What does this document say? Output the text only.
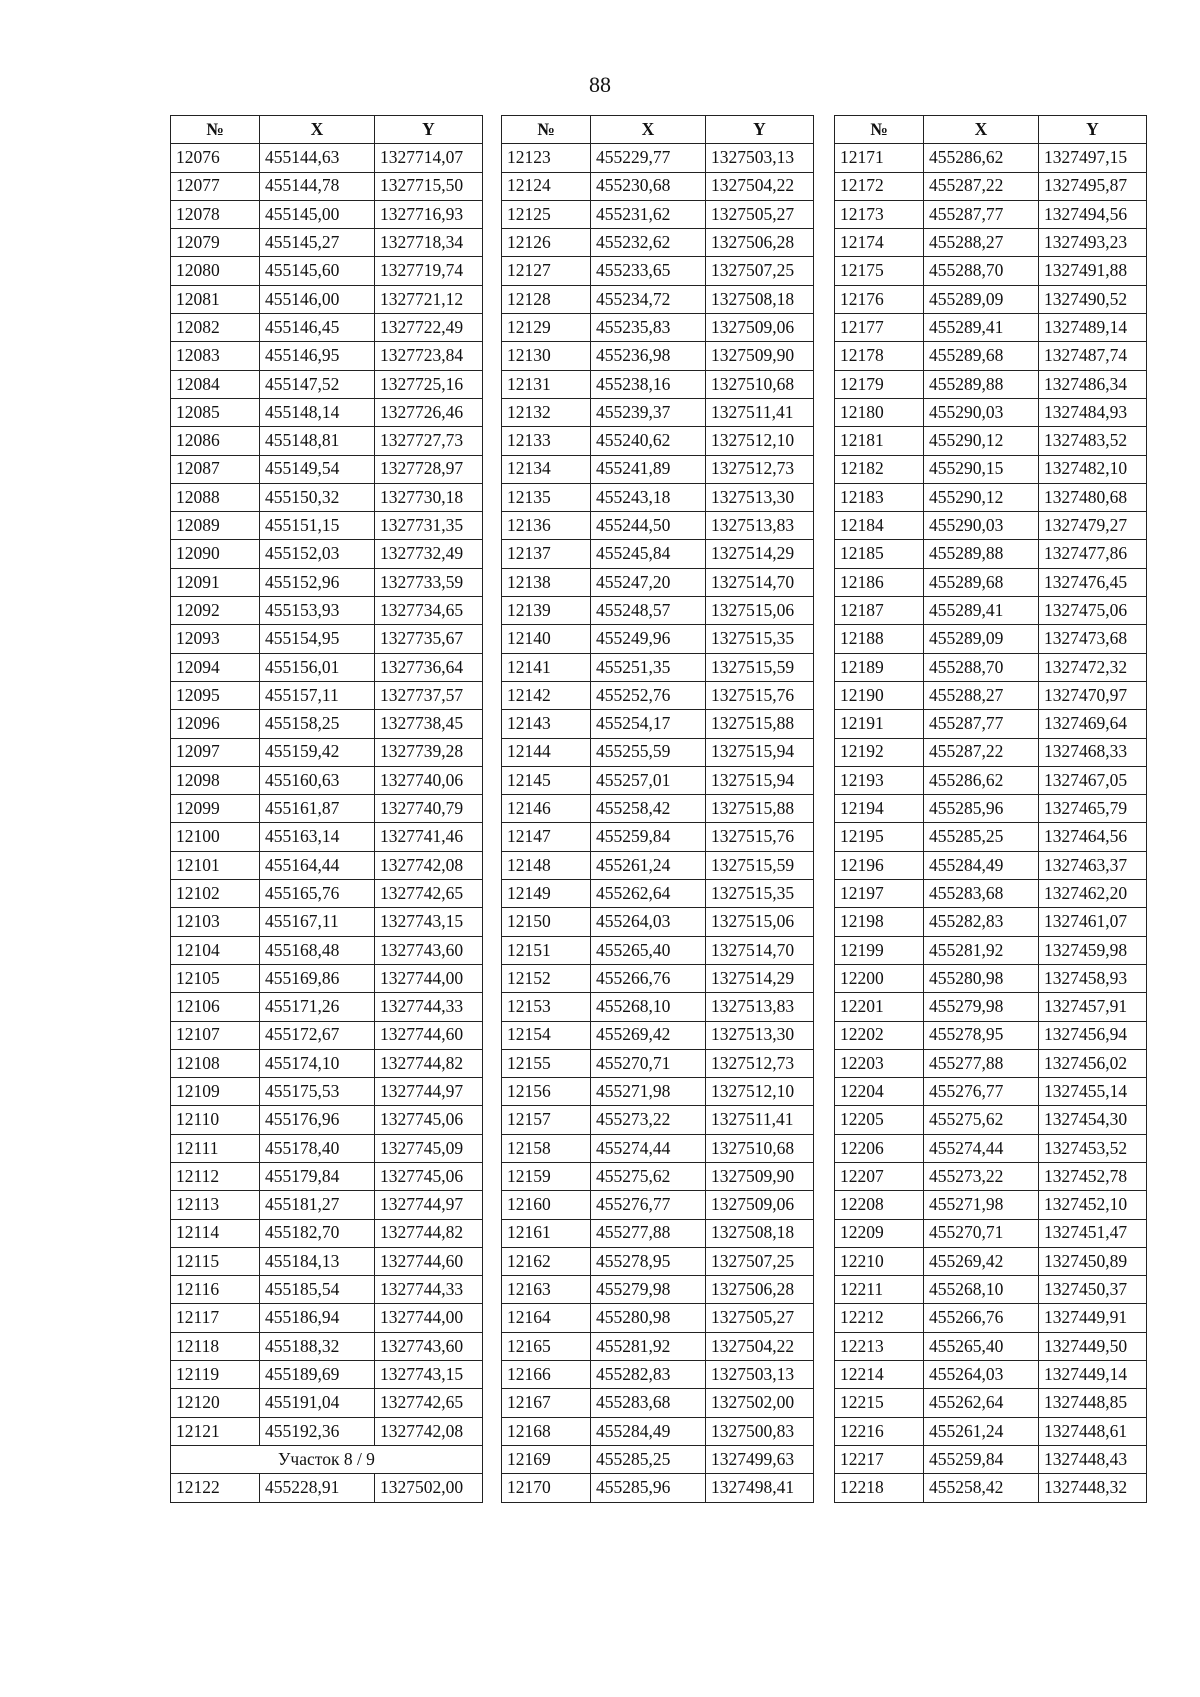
88
№	X	Y
12076	455144,63	1327714,07
12077	455144,78	1327715,50
12078	455145,00	1327716,93
12079	455145,27	1327718,34
12080	455145,60	1327719,74
12081	455146,00	1327721,12
12082	455146,45	1327722,49
12083	455146,95	1327723,84
12084	455147,52	1327725,16
12085	455148,14	1327726,46
12086	455148,81	1327727,73
12087	455149,54	1327728,97
12088	455150,32	1327730,18
12089	455151,15	1327731,35
12090	455152,03	1327732,49
12091	455152,96	1327733,59
12092	455153,93	1327734,65
12093	455154,95	1327735,67
12094	455156,01	1327736,64
12095	455157,11	1327737,57
12096	455158,25	1327738,45
12097	455159,42	1327739,28
12098	455160,63	1327740,06
12099	455161,87	1327740,79
12100	455163,14	1327741,46
12101	455164,44	1327742,08
12102	455165,76	1327742,65
12103	455167,11	1327743,15
12104	455168,48	1327743,60
12105	455169,86	1327744,00
12106	455171,26	1327744,33
12107	455172,67	1327744,60
12108	455174,10	1327744,82
12109	455175,53	1327744,97
12110	455176,96	1327745,06
12111	455178,40	1327745,09
12112	455179,84	1327745,06
12113	455181,27	1327744,97
12114	455182,70	1327744,82
12115	455184,13	1327744,60
12116	455185,54	1327744,33
12117	455186,94	1327744,00
12118	455188,32	1327743,60
12119	455189,69	1327743,15
12120	455191,04	1327742,65
12121	455192,36	1327742,08
Участок 8 / 9		
12122	455228,91	1327502,00
№	X	Y
12123	455229,77	1327503,13
12124	455230,68	1327504,22
12125	455231,62	1327505,27
12126	455232,62	1327506,28
12127	455233,65	1327507,25
12128	455234,72	1327508,18
12129	455235,83	1327509,06
12130	455236,98	1327509,90
12131	455238,16	1327510,68
12132	455239,37	1327511,41
12133	455240,62	1327512,10
12134	455241,89	1327512,73
12135	455243,18	1327513,30
12136	455244,50	1327513,83
12137	455245,84	1327514,29
12138	455247,20	1327514,70
12139	455248,57	1327515,06
12140	455249,96	1327515,35
12141	455251,35	1327515,59
12142	455252,76	1327515,76
12143	455254,17	1327515,88
12144	455255,59	1327515,94
12145	455257,01	1327515,94
12146	455258,42	1327515,88
12147	455259,84	1327515,76
12148	455261,24	1327515,59
12149	455262,64	1327515,35
12150	455264,03	1327515,06
12151	455265,40	1327514,70
12152	455266,76	1327514,29
12153	455268,10	1327513,83
12154	455269,42	1327513,30
12155	455270,71	1327512,73
12156	455271,98	1327512,10
12157	455273,22	1327511,41
12158	455274,44	1327510,68
12159	455275,62	1327509,90
12160	455276,77	1327509,06
12161	455277,88	1327508,18
12162	455278,95	1327507,25
12163	455279,98	1327506,28
12164	455280,98	1327505,27
12165	455281,92	1327504,22
12166	455282,83	1327503,13
12167	455283,68	1327502,00
12168	455284,49	1327500,83
12169	455285,25	1327499,63
12170	455285,96	1327498,41
№	X	Y
12171	455286,62	1327497,15
12172	455287,22	1327495,87
12173	455287,77	1327494,56
12174	455288,27	1327493,23
12175	455288,70	1327491,88
12176	455289,09	1327490,52
12177	455289,41	1327489,14
12178	455289,68	1327487,74
12179	455289,88	1327486,34
12180	455290,03	1327484,93
12181	455290,12	1327483,52
12182	455290,15	1327482,10
12183	455290,12	1327480,68
12184	455290,03	1327479,27
12185	455289,88	1327477,86
12186	455289,68	1327476,45
12187	455289,41	1327475,06
12188	455289,09	1327473,68
12189	455288,70	1327472,32
12190	455288,27	1327470,97
12191	455287,77	1327469,64
12192	455287,22	1327468,33
12193	455286,62	1327467,05
12194	455285,96	1327465,79
12195	455285,25	1327464,56
12196	455284,49	1327463,37
12197	455283,68	1327462,20
12198	455282,83	1327461,07
12199	455281,92	1327459,98
12200	455280,98	1327458,93
12201	455279,98	1327457,91
12202	455278,95	1327456,94
12203	455277,88	1327456,02
12204	455276,77	1327455,14
12205	455275,62	1327454,30
12206	455274,44	1327453,52
12207	455273,22	1327452,78
12208	455271,98	1327452,10
12209	455270,71	1327451,47
12210	455269,42	1327450,89
12211	455268,10	1327450,37
12212	455266,76	1327449,91
12213	455265,40	1327449,50
12214	455264,03	1327449,14
12215	455262,64	1327448,85
12216	455261,24	1327448,61
12217	455259,84	1327448,43
12218	455258,42	1327448,32
